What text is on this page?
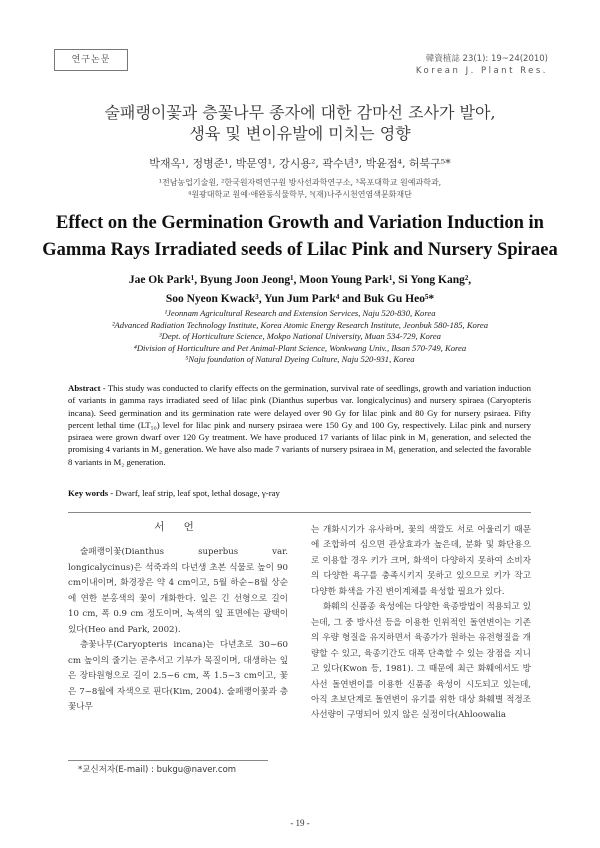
연구논문	韓資植誌 23(1): 19~24(2010)
Korean J. Plant Res.
술패랭이꽃과 층꽃나무 종자에 대한 감마선 조사가 발아,
생육 및 변이유발에 미치는 영향
박재옥¹, 정병준¹, 박문영¹, 강시용², 곽수년³, 박윤점⁴, 허북구⁵*
¹전남농업기술원, ²한국원자력연구원 방사선과학연구소, ³목포대학교 원예과학과,
⁴원광대학교 원예·애완동식물학부, ⁵(재)나주시천연염색문화재단
Effect on the Germination Growth and Variation Induction in
Gamma Rays Irradiated seeds of Lilac Pink and Nursery Spiraea
Jae Ok Park¹, Byung Joon Jeong¹, Moon Young Park¹, Si Yong Kang²,
Soo Nyeon Kwack³, Yun Jum Park⁴ and Buk Gu Heo⁵*
¹Jeonnam Agricultural Research and Extension Services, Naju 520-830, Korea
²Advanced Radiation Technology Institute, Korea Atomic Energy Research Institute, Jeonbuk 580-185, Korea
³Dept. of Horticulture Science, Mokpo National University, Muan 534-729, Korea
⁴Division of Horticulture and Pet Animal-Plant Science, Wonkwang Univ., Iksan 570-749, Korea
⁵Naju foundation of Natural Dyeing Culture, Naju 520-931, Korea
Abstract - This study was conducted to clarify effects on the germination, survival rate of seedlings, growth and variation induction of variants in gamma rays irradiated seed of lilac pink (Dianthus superbus var. longicalycinus) and nursery spiraea (Caryopteris incana). Seed germination and its germination rate were delayed over 90 Gy for lilac pink and 80 Gy for nursery psiraea. Fifty percent lethal time (LT₅₀) level for lilac pink and nursery psiraea were 150 Gy and 100 Gy, respectively. Lilac pink and nursery psiraea were grown dwarf over 120 Gy treatment. We have produced 17 variants of lilac pink in M₁ generation, and selected the promising 4 variants in M₂ generation. We have also made 7 variants of nursery psiraea in M₁ generation, and selected the favorable 8 variants in M₂ generation.
Key words - Dwarf, leaf strip, leaf spot, lethal dosage, γ-ray
서 언

술패랭이꽃(Dianthus superbus var. longicalycinus)은 석죽과의 다년생 초본 식물로 높이 90 cm이내이며, 화경장은 약 4 cm이고, 5월 하순~8월 상순에 연한 분홍색의 꽃이 개화한다. 잎은 긴 선형으로 길이 10 cm, 폭 0.9 cm 정도이며, 녹색의 잎 표면에는 광택이 있다(Heo and Park, 2002).

층꽃나무(Caryopteris incana)는 다년초로 30~60 cm 높이의 줄기는 곧추서고 기부가 목질이며, 대생하는 잎은 장타원형으로 길이 2.5~6 cm, 폭 1.5~3 cm이고, 꽃은 7~8월에 자색으로 핀다(Kim, 2004). 술패랭이꽃과 층꽃나무

는 개화시기가 유사하며, 꽃의 색깔도 서로 어울리기 때문에 조합하여 심으면 관상효과가 높은데, 분화 및 화단용으로 이용할 경우 키가 크며, 화색이 다양하지 못하여 소비자의 다양한 욕구를 충족시키지 못하고 있으므로 키가 작고 다양한 화색을 가진 변이계체를 육성할 필요가 있다.

화훼의 신품종 육성에는 다양한 육종방법이 적용되고 있는데, 그 중 방사선 등을 이용한 인위적인 돌연변이는 기존의 우량 형질을 유지하면서 육종가가 원하는 유전형질을 개량할 수 있고, 육종기간도 대폭 단축할 수 있는 장점을 지니고 있다(Kwon 등, 1981). 그 때문에 최근 화훼에서도 방사선 돌연변이를 이용한 신품종 육성이 시도되고 있는데, 아직 초보단계로 돌연변이 유기를 위한 대상 화훼별 적정조사선량이 구명되어 있지 않은 실정이다(Ahloowalia

*교신저자(E-mail) : bukgu@naver.com
- 19 -
